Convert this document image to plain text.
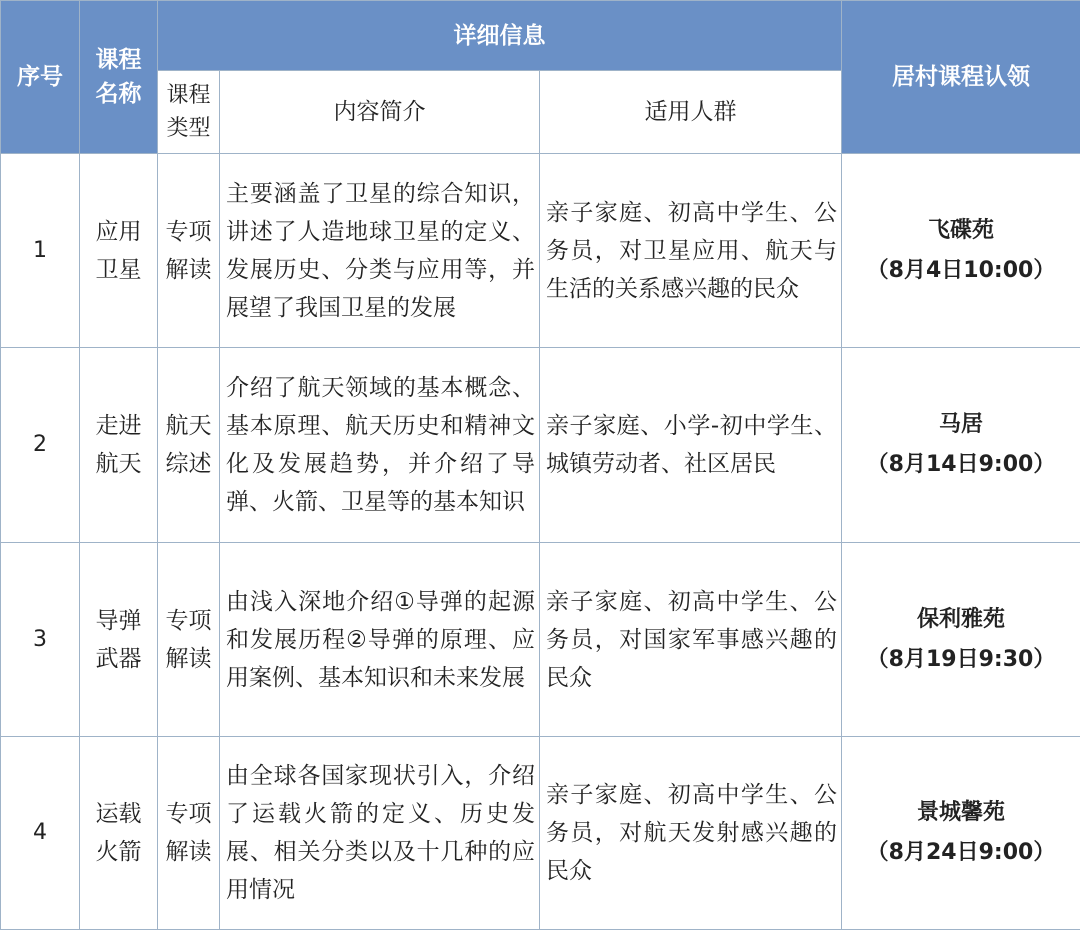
序号	课程名称	详细信息			居村课程认领
		课程类型	内容简介	适用人群	
1	应用卫星	专项解读	主要涵盖了卫星的综合知识，讲述了人造地球卫星的定义、发展历史、分类与应用等，并展望了我国卫星的发展	亲子家庭、初高中学生、公务员，对卫星应用、航天与生活的关系感兴趣的民众	飞碟苑
（8月4日10:00）

2	走进航天	航天综述	介绍了航天领域的基本概念、基本原理、航天历史和精神文化及发展趋势，并介绍了导弹、火箭、卫星等的基本知识	亲子家庭、小学-初中学生、城镇劳动者、社区居民	马居
（8月14日9:00）

3	导弹武器	专项解读	由浅入深地介绍①导弹的起源和发展历程②导弹的原理、应用案例、基本知识和未来发展	亲子家庭、初高中学生、公务员，对国家军事感兴趣的民众	保利雅苑
（8月19日9:30）

4	运载火箭	专项解读	由全球各国家现状引入，介绍了运载火箭的定义、历史发展、相关分类以及十几种的应用情况	亲子家庭、初高中学生、公务员，对航天发射感兴趣的民众	景城馨苑
（8月24日9:00）
